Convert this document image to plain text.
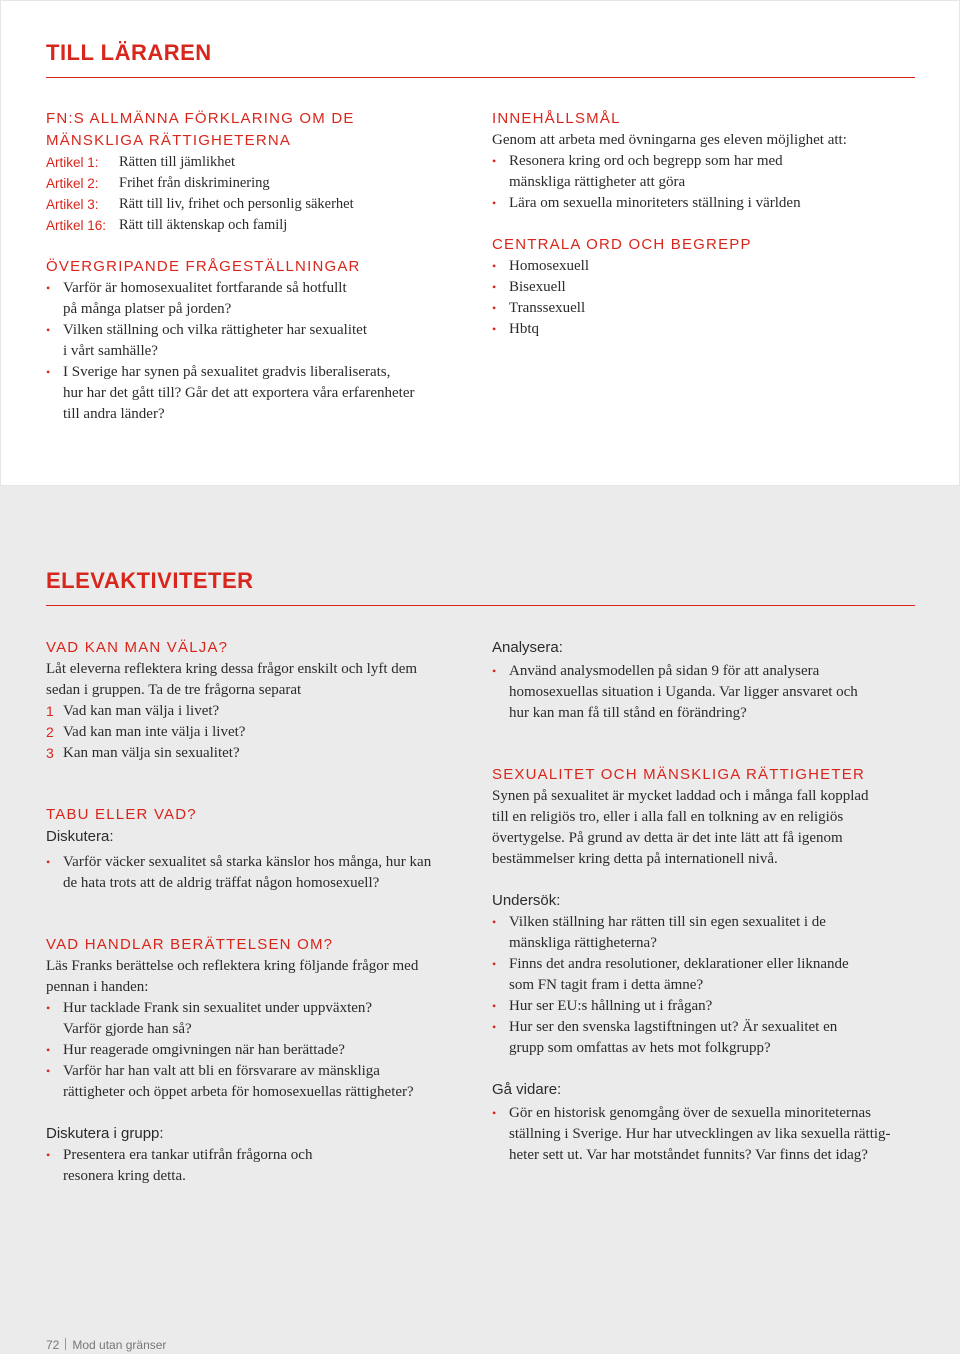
TILL LÄRAREN
FN:S ALLMÄNNA FÖRKLARING OM DE
MÄNSKLIGA RÄTTIGHETERNA
Artikel 1:	Rätten till jämlikhet
Artikel 2:	Frihet från diskriminering
Artikel 3:	Rätt till liv, frihet och personlig säkerhet
Artikel 16: Rätt till äktenskap och familj
ÖVERGRIPANDE FRÅGESTÄLLNINGAR
• Varför är homosexualitet fortfarande så hotfullt
på många platser på jorden?
• Vilken ställning och vilka rättigheter har sexualitet
i vårt samhälle?
• I Sverige har synen på sexualitet gradvis liberaliserats,
hur har det gått till? Går det att exportera våra erfarenheter
till andra länder?
INNEHÅLLSMÅL
Genom att arbeta med övningarna ges eleven möjlighet att:
• Resonera kring ord och begrepp som har med
mänskliga rättigheter att göra
• Lära om sexuella minoriteters ställning i världen
CENTRALA ORD OCH BEGREPP
• Homosexuell
• Bisexuell
• Transsexuell
• Hbtq
ELEVAKTIVITETER
VAD KAN MAN VÄLJA?
Låt eleverna reflektera kring dessa frågor enskilt och lyft dem
sedan i gruppen. Ta de tre frågorna separat
1 Vad kan man välja i livet?
2 Vad kan man inte välja i livet?
3 Kan man välja sin sexualitet?
TABU ELLER VAD?
Diskutera:
• Varför väcker sexualitet så starka känslor hos många, hur kan
de hata trots att de aldrig träffat någon homosexuell?
VAD HANDLAR BERÄTTELSEN OM?
Läs Franks berättelse och reflektera kring följande frågor med
pennan i handen:
• Hur tacklade Frank sin sexualitet under uppväxten?
Varför gjorde han så?
• Hur reagerade omgivningen när han berättade?
• Varför har han valt att bli en försvarare av mänskliga
rättigheter och öppet arbeta för homosexuellas rättigheter?
Diskutera i grupp:
• Presentera era tankar utifrån frågorna och
resonera kring detta.
Analysera:
• Använd analysmodellen på sidan 9 för att analysera
homosexuellas situation i Uganda. Var ligger ansvaret och
hur kan man få till stånd en förändring?
SEXUALITET OCH MÄNSKLIGA RÄTTIGHETER
Synen på sexualitet är mycket laddad och i många fall kopplad
till en religiös tro, eller i alla fall en tolkning av en religiös
övertygelse. På grund av detta är det inte lätt att få igenom
bestämmelser kring detta på internationell nivå.
Undersök:
• Vilken ställning har rätten till sin egen sexualitet i de
mänskliga rättigheterna?
• Finns det andra resolutioner, deklarationer eller liknande
som FN tagit fram i detta ämne?
• Hur ser EU:s hållning ut i frågan?
• Hur ser den svenska lagstiftningen ut? Är sexualitet en
grupp som omfattas av hets mot folkgrupp?
Gå vidare:
• Gör en historisk genomgång över de sexuella minoriteternas
ställning i Sverige. Hur har utvecklingen av lika sexuella rättig-
heter sett ut. Var har motståndet funnits? Var finns det idag?
72 Mod utan gränser
